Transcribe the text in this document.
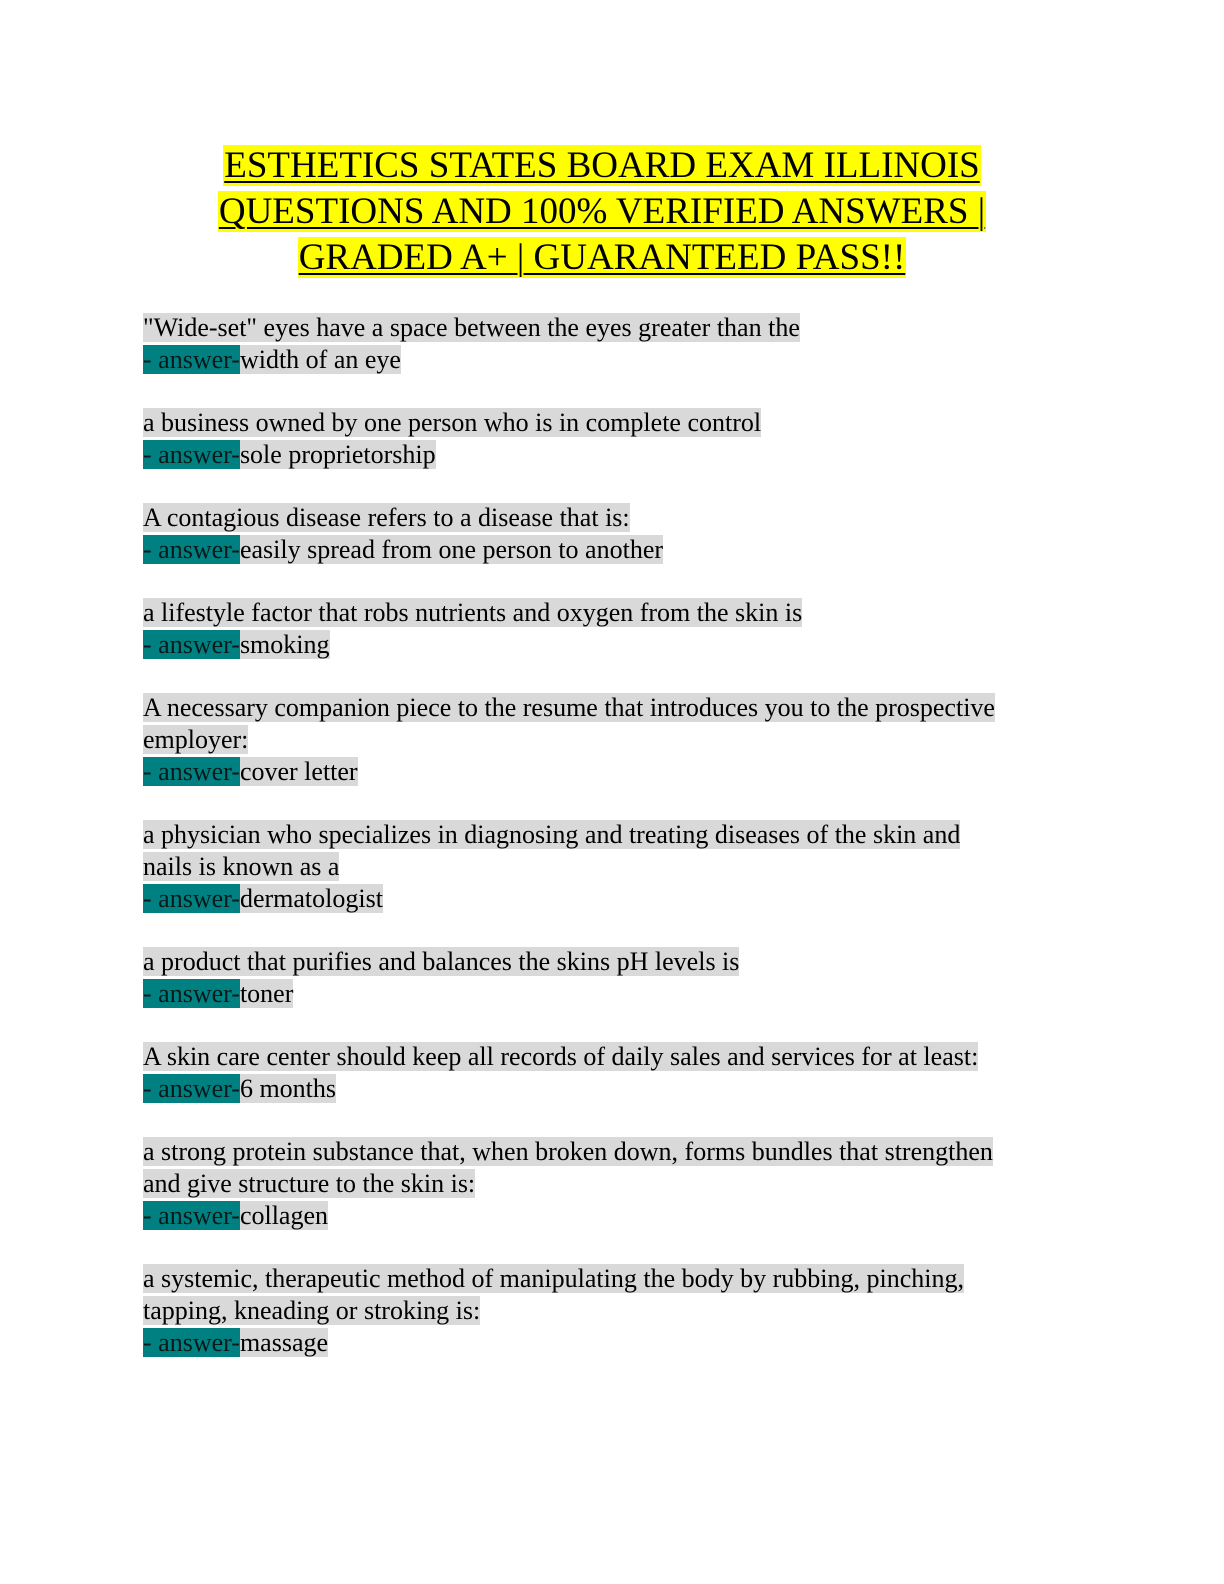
ESTHETICS STATES BOARD EXAM ILLINOIS
QUESTIONS AND 100% VERIFIED ANSWERS |
GRADED A+ | GUARANTEED PASS!!
"Wide-set" eyes have a space between the eyes greater than the
- answer-width of an eye
a business owned by one person who is in complete control
- answer-sole proprietorship
A contagious disease refers to a disease that is:
- answer-easily spread from one person to another
a lifestyle factor that robs nutrients and oxygen from the skin is
- answer-smoking
A necessary companion piece to the resume that introduces you to the prospective
employer:
- answer-cover letter
a physician who specializes in diagnosing and treating diseases of the skin and
nails is known as a
- answer-dermatologist
a product that purifies and balances the skins pH levels is
- answer-toner
A skin care center should keep all records of daily sales and services for at least:
- answer-6 months
a strong protein substance that, when broken down, forms bundles that strengthen
and give structure to the skin is:
- answer-collagen
a systemic, therapeutic method of manipulating the body by rubbing, pinching,
tapping, kneading or stroking is:
- answer-massage
